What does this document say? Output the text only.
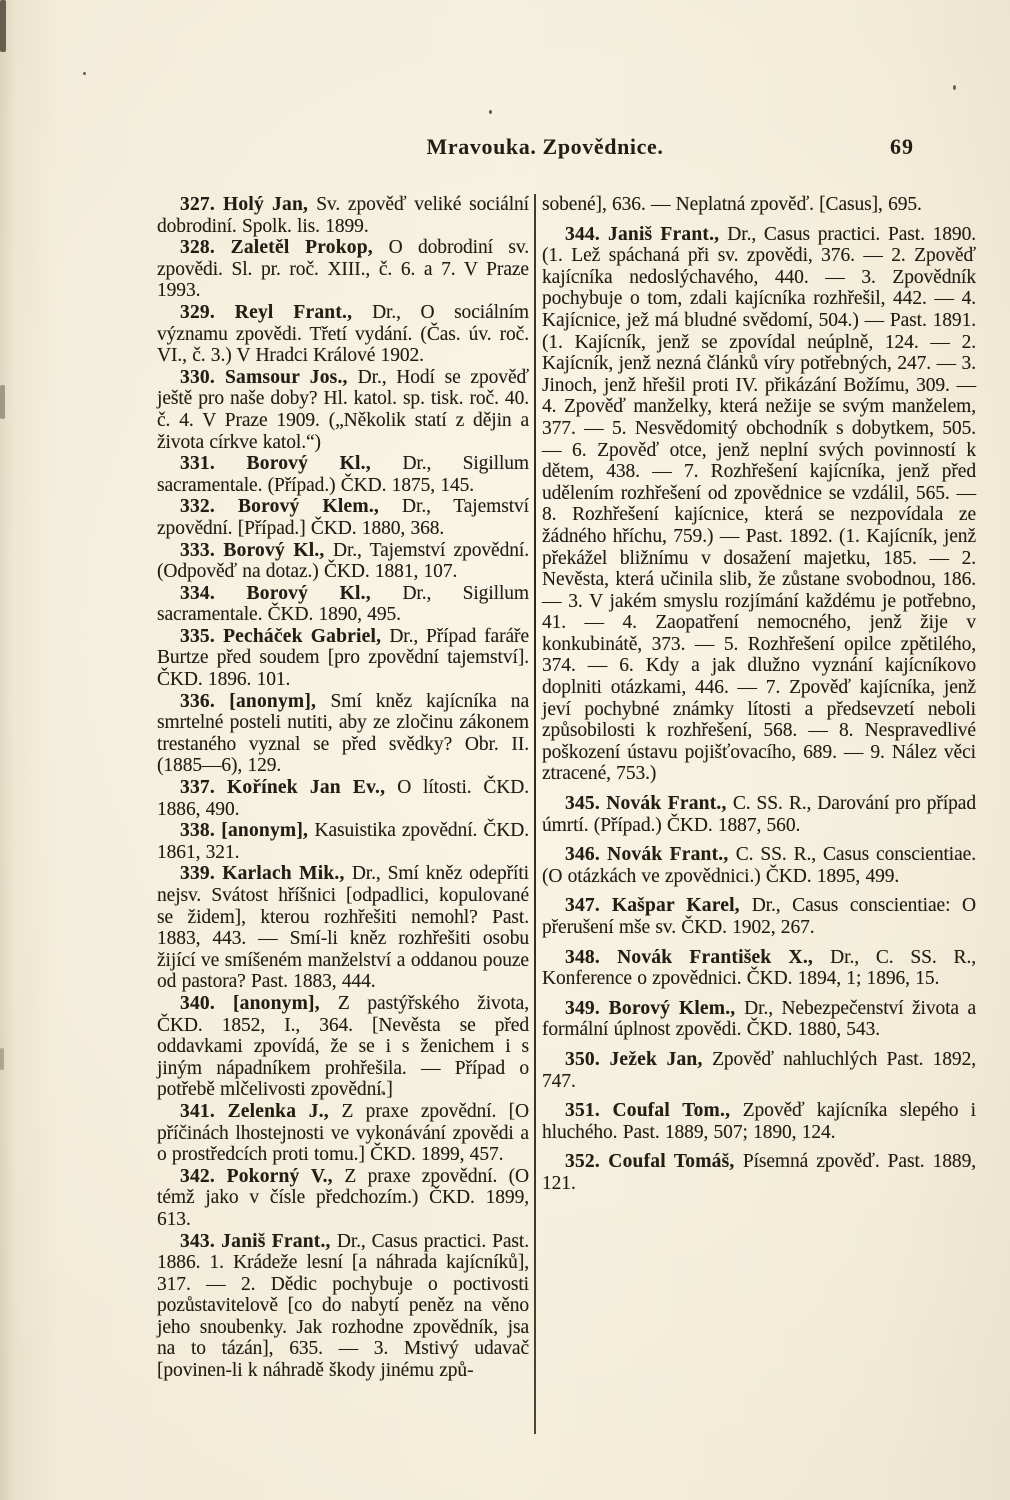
Mravouka. Zpovědnice.	69

327. Holý Jan, Sv. zpověď veliké sociální dobrodiní. Spolk. lis. 1899.

328. Zaletěl Prokop, O dobrodiní sv. zpovědi. Sl. pr. roč. XIII., č. 6. a 7. V Praze 1993.

329. Reyl Frant., Dr., O sociálním významu zpovědi. Třetí vydání. (Čas. úv. roč. VI., č. 3.) V Hradci Králové 1902.

330. Samsour Jos., Dr., Hodí se zpověď ještě pro naše doby? Hl. katol. sp. tisk. roč. 40. č. 4. V Praze 1909. („Několik statí z dějin a života církve katol.“)

331. Borový Kl., Dr., Sigillum sacramentale. (Případ.) ČKD. 1875, 145.

332. Borový Klem., Dr., Tajemství zpovědní. [Případ.] ČKD. 1880, 368.

333. Borový Kl., Dr., Tajemství zpovědní. (Odpověď na dotaz.) ČKD. 1881, 107.

334. Borový Kl., Dr., Sigillum sacramentale. ČKD. 1890, 495.

335. Pecháček Gabriel, Dr., Případ faráře Burtze před soudem [pro zpovědní tajemství]. ČKD. 1896. 101.

336. [anonym], Smí kněz kajícníka na smrtelné posteli nutiti, aby ze zločinu zákonem trestaného vyznal se před svědky? Obr. II. (1885—6), 129.

337. Kořínek Jan Ev., O lítosti. ČKD. 1886, 490.

338. [anonym], Kasuistika zpovědní. ČKD. 1861, 321.

339. Karlach Mik., Dr., Smí kněz odepříti nejsv. Svátost hříšnici [odpadlici, kopulované se židem], kterou rozhřešiti nemohl? Past. 1883, 443. — Smí-li kněz rozhřešiti osobu žijící ve smíšeném manželství a oddanou pouze od pastora? Past. 1883, 444.

340. [anonym], Z pastýřského života, ČKD. 1852, I., 364. [Nevěsta se před oddavkami zpovídá, že se i s ženichem i s jiným nápadníkem prohřešila. — Případ o potřebě mlčelivosti zpovědní.]

341. Zelenka J., Z praxe zpovědní. [O příčinách lhostejnosti ve vykonávání zpovědi a o prostředcích proti tomu.] ČKD. 1899, 457.

342. Pokorný V., Z praxe zpovědní. (O témž jako v čísle předchozím.) ČKD. 1899, 613.

343. Janiš Frant., Dr., Casus practici. Past. 1886. 1. Krádeže lesní [a náhrada kajícníků], 317. — 2. Dědic pochybuje o poctivosti pozůstavitelově [co do nabytí peněz na věno jeho snoubenky. Jak rozhodne zpovědník, jsa na to tázán], 635. — 3. Mstivý udavač [povinen-li k náhradě škody jinému způ-

sobené], 636. — Neplatná zpověď. [Casus], 695.

344. Janiš Frant., Dr., Casus practici. Past. 1890. (1. Lež spáchaná při sv. zpovědi, 376. — 2. Zpověď kajícníka nedoslýchavého, 440. — 3. Zpovědník pochybuje o tom, zdali kajícníka rozhřešil, 442. — 4. Kajícnice, jež má bludné svědomí, 504.) — Past. 1891. (1. Kajícník, jenž se zpovídal neúplně, 124. — 2. Kajícník, jenž nezná článků víry potřebných, 247. — 3. Jinoch, jenž hřešil proti IV. přikázání Božímu, 309. — 4. Zpověď manželky, která nežije se svým manželem, 377. — 5. Nesvědomitý obchodník s dobytkem, 505. — 6. Zpověď otce, jenž neplní svých povinností k dětem, 438. — 7. Rozhřešení kajícníka, jenž před udělením rozhřešení od zpovědnice se vzdálil, 565. — 8. Rozhřešení kajícnice, která se nezpovídala ze žádného hříchu, 759.) — Past. 1892. (1. Kajícník, jenž překážel bližnímu v dosažení majetku, 185. — 2. Nevěsta, která učinila slib, že zůstane svobodnou, 186. — 3. V jakém smyslu rozjímání každému je potřebno, 41. — 4. Zaopatření nemocného, jenž žije v konkubinátě, 373. — 5. Rozhřešení opilce zpětilého, 374. — 6. Kdy a jak dlužno vyznání kajícníkovo doplniti otázkami, 446. — 7. Zpověď kajícníka, jenž jeví pochybné známky lítosti a předsevzetí neboli způsobilosti k rozhřešení, 568. — 8. Nespravedlivé poškození ústavu pojišťovacího, 689. — 9. Nález věci ztracené, 753.)

345. Novák Frant., C. SS. R., Darování pro případ úmrtí. (Případ.) ČKD. 1887, 560.

346. Novák Frant., C. SS. R., Casus conscientiae. (O otázkách ve zpovědnici.) ČKD. 1895, 499.

347. Kašpar Karel, Dr., Casus conscientiae: O přerušení mše sv. ČKD. 1902, 267.

348. Novák František X., Dr., C. SS. R., Konference o zpovědnici. ČKD. 1894, 1; 1896, 15.

349. Borový Klem., Dr., Nebezpečenství života a formální úplnost zpovědi. ČKD. 1880, 543.

350. Ježek Jan, Zpověď nahluchlých Past. 1892, 747.

351. Coufal Tom., Zpověď kajícníka slepého i hluchého. Past. 1889, 507; 1890, 124.

352. Coufal Tomáš, Písemná zpověď. Past. 1889, 121.
